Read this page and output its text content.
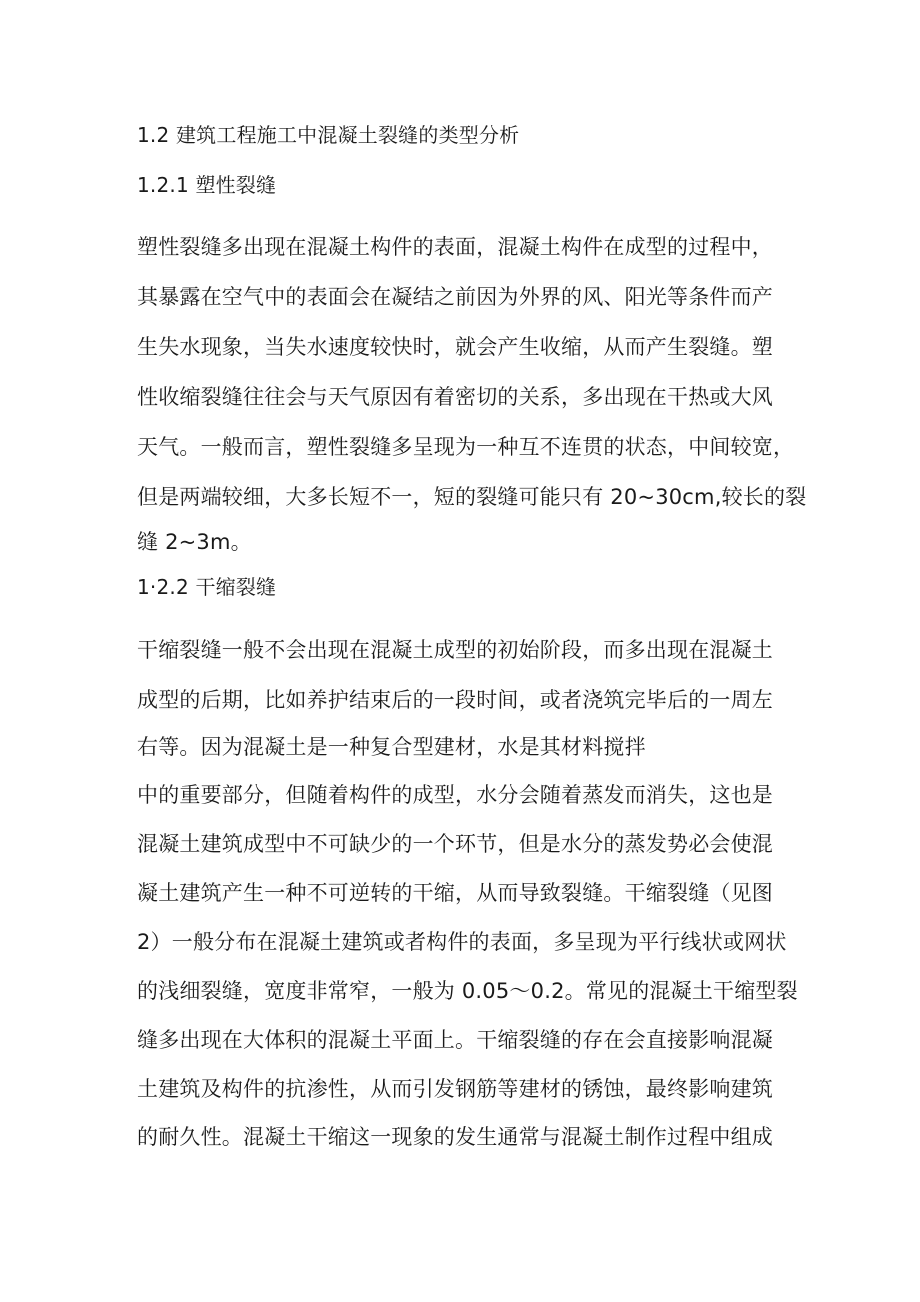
1.2 建筑工程施工中混凝土裂缝的类型分析
1.2.1 塑性裂缝
塑性裂缝多出现在混凝土构件的表面，混凝土构件在成型的过程中，
其暴露在空气中的表面会在凝结之前因为外界的风、阳光等条件而产
生失水现象，当失水速度较快时，就会产生收缩，从而产生裂缝。塑
性收缩裂缝往往会与天气原因有着密切的关系，多出现在干热或大风
天气。一般而言，塑性裂缝多呈现为一种互不连贯的状态，中间较宽，
但是两端较细，大多长短不一，短的裂缝可能只有 20~30cm,较长的裂
缝 2~3m。
1·2.2 干缩裂缝
干缩裂缝一般不会出现在混凝土成型的初始阶段，而多出现在混凝土
成型的后期，比如养护结束后的一段时间，或者浇筑完毕后的一周左
右等。因为混凝土是一种复合型建材，水是其材料搅拌
中的重要部分，但随着构件的成型，水分会随着蒸发而消失，这也是
混凝土建筑成型中不可缺少的一个环节，但是水分的蒸发势必会使混
凝土建筑产生一种不可逆转的干缩，从而导致裂缝。干缩裂缝（见图
2）一般分布在混凝土建筑或者构件的表面，多呈现为平行线状或网状
的浅细裂缝，宽度非常窄，一般为 0.05～0.2。常见的混凝土干缩型裂
缝多出现在大体积的混凝土平面上。干缩裂缝的存在会直接影响混凝
土建筑及构件的抗渗性，从而引发钢筋等建材的锈蚀，最终影响建筑
的耐久性。混凝土干缩这一现象的发生通常与混凝土制作过程中组成
